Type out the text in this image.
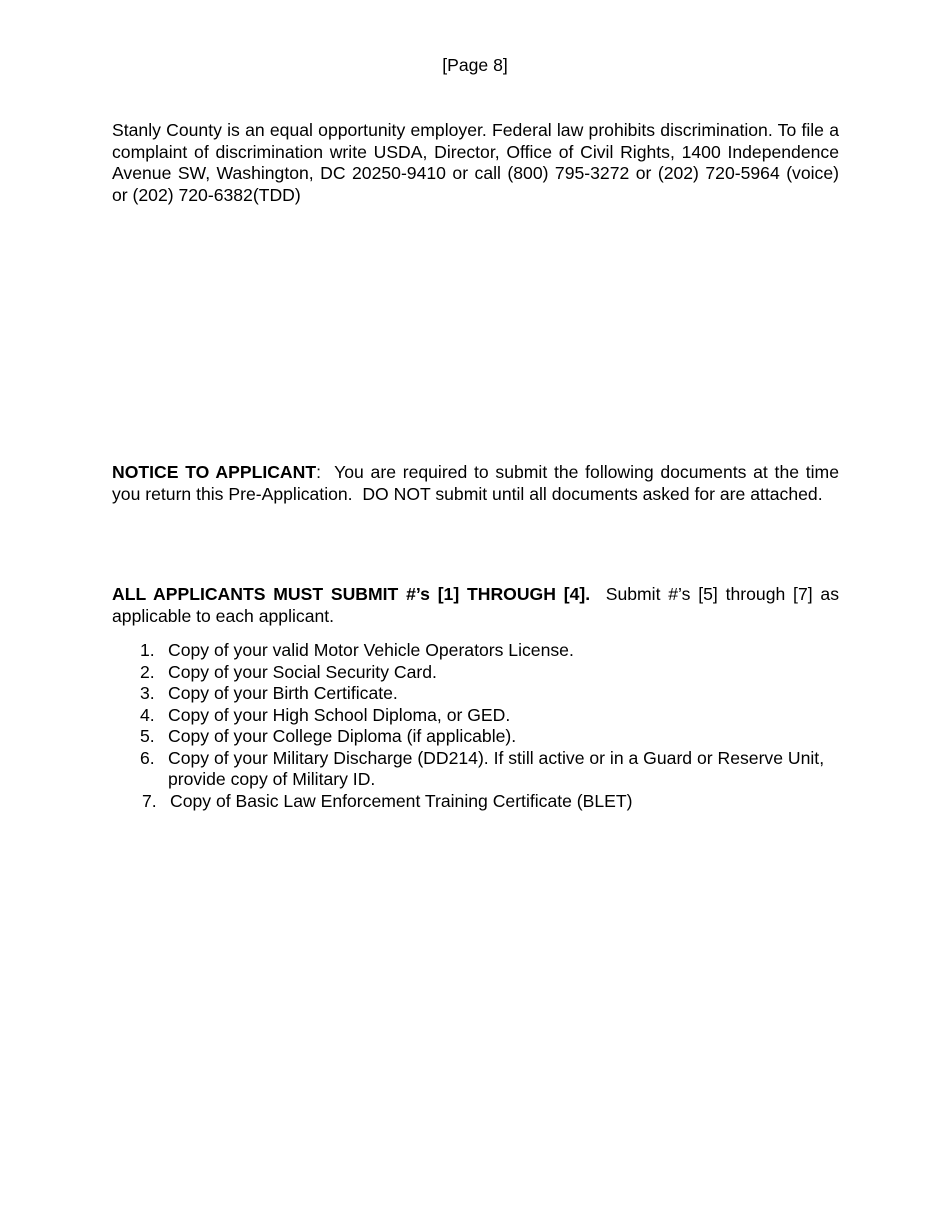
[Page 8]

Stanly County is an equal opportunity employer. Federal law prohibits discrimination. To file a complaint of discrimination write USDA, Director, Office of Civil Rights, 1400 Independence Avenue SW, Washington, DC 20250-9410 or call (800) 795-3272 or (202) 720-5964 (voice) or (202) 720-6382(TDD)

NOTICE TO APPLICANT:  You are required to submit the following documents at the time you return this Pre-Application.  DO NOT submit until all documents asked for are attached.

ALL APPLICANTS MUST SUBMIT #’s [1] THROUGH [4].  Submit #’s [5] through [7] as applicable to each applicant.

1. Copy of your valid Motor Vehicle Operators License.
2. Copy of your Social Security Card.
3. Copy of your Birth Certificate.
4. Copy of your High School Diploma, or GED.
5. Copy of your College Diploma (if applicable).
6. Copy of your Military Discharge (DD214). If still active or in a Guard or Reserve Unit, provide copy of Military ID.
7. Copy of Basic Law Enforcement Training Certificate (BLET)
